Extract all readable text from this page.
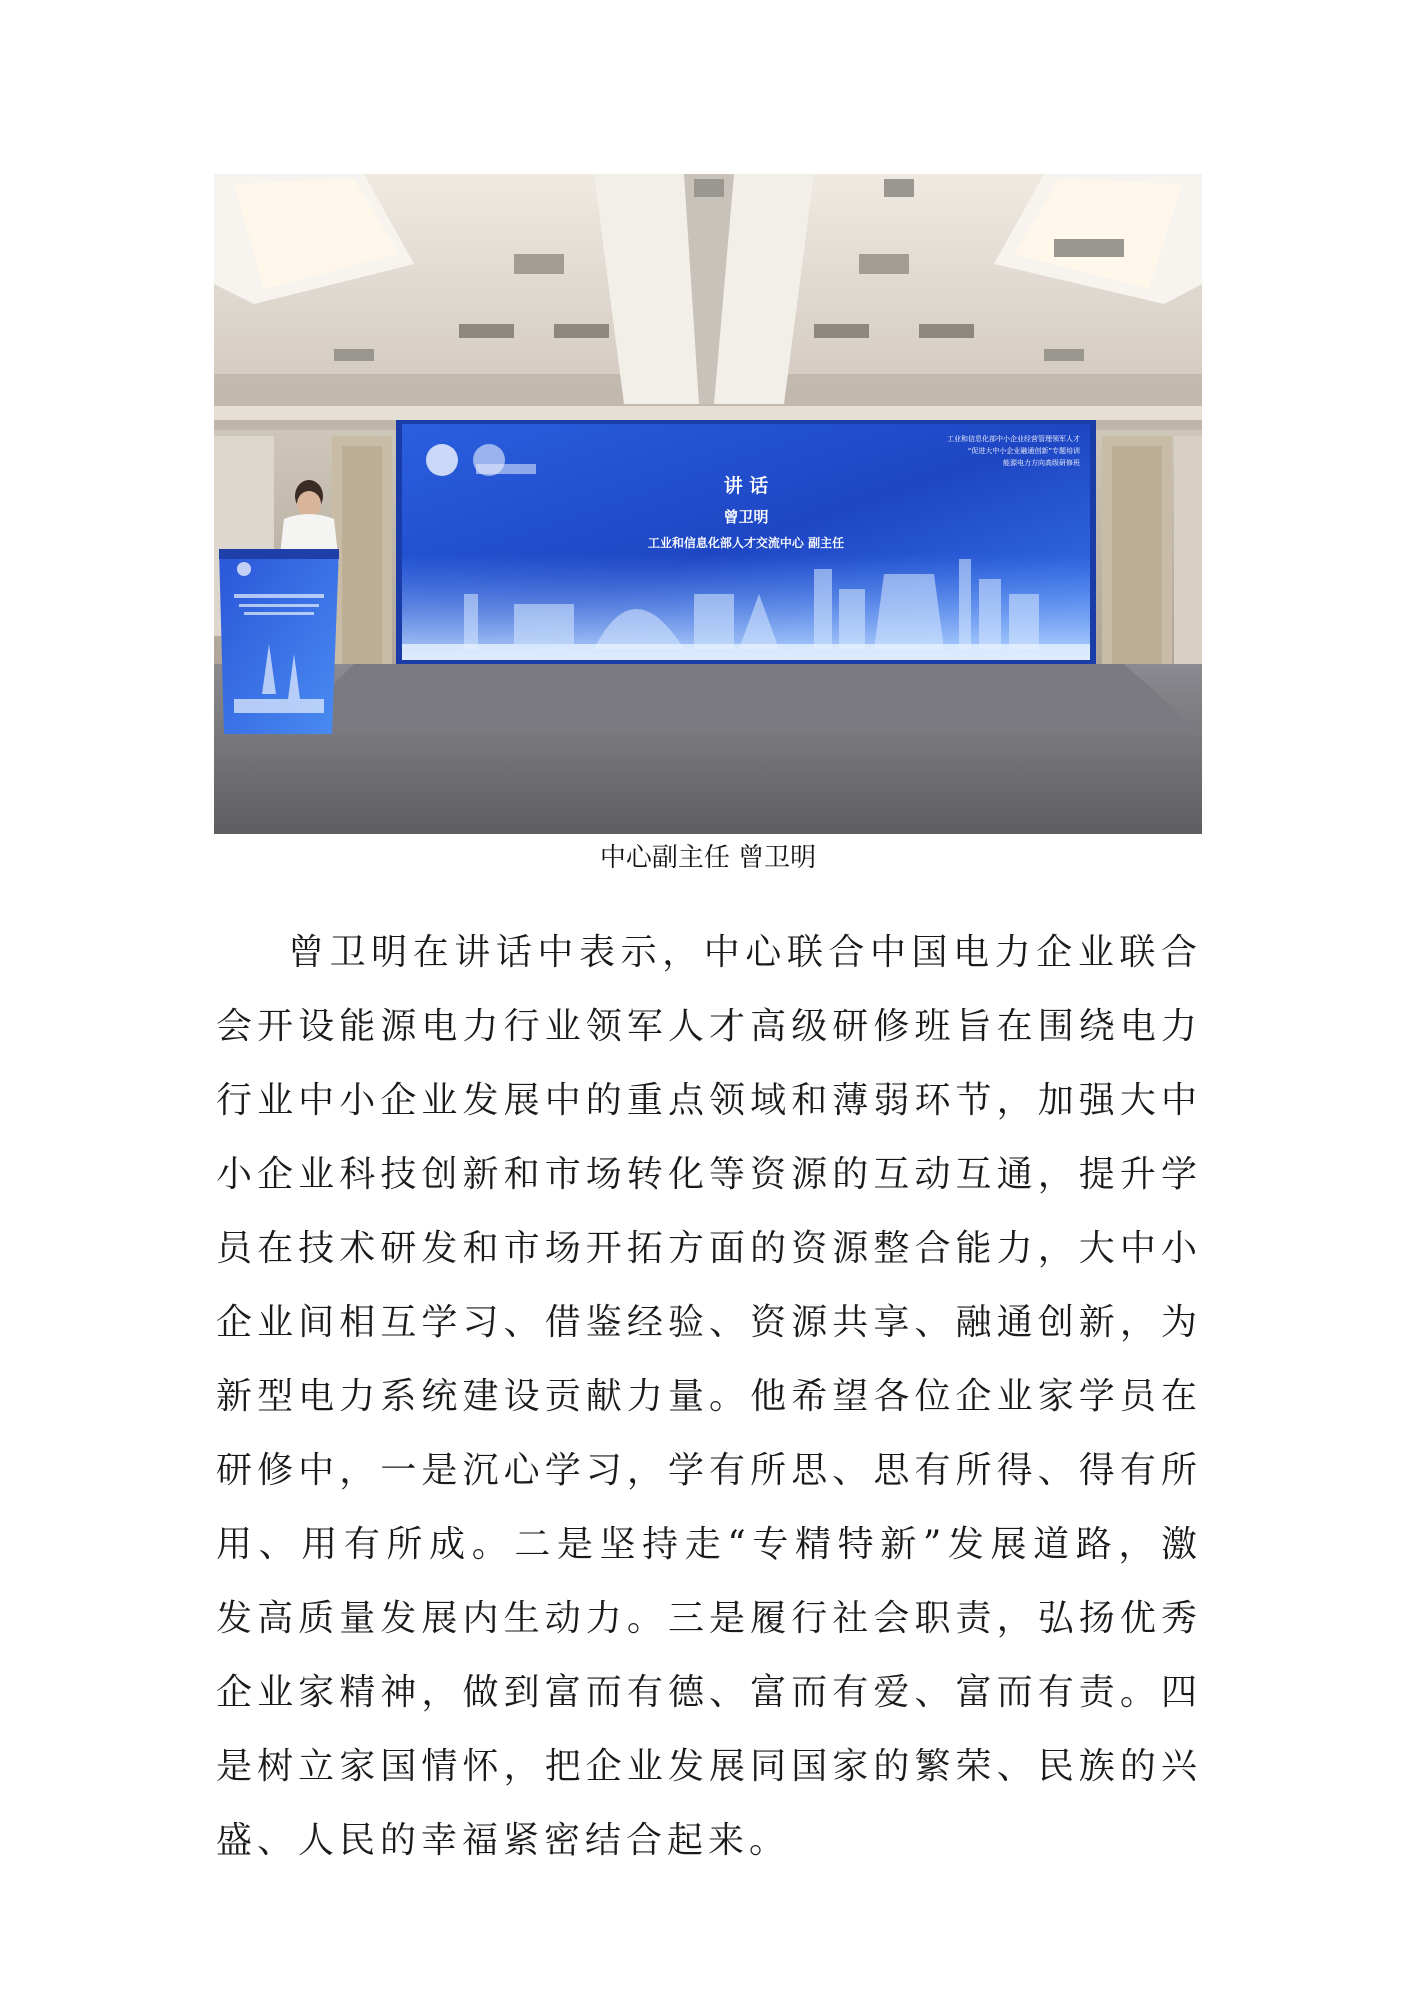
讲 话
曾卫明
工业和信息化部人才交流中心 副主任
工业和信息化部中小企业经营管理领军人才
“促进大中小企业融通创新”专题培训
能源电力方向高级研修班
中心副主任 曾卫明

曾卫明在讲话中表示，中心联合中国电力企业联合会开设能源电力行业领军人才高级研修班旨在围绕电力行业中小企业发展中的重点领域和薄弱环节，加强大中小企业科技创新和市场转化等资源的互动互通，提升学员在技术研发和市场开拓方面的资源整合能力，大中小企业间相互学习、借鉴经验、资源共享、融通创新，为新型电力系统建设贡献力量。他希望各位企业家学员在研修中，一是沉心学习，学有所思、思有所得、得有所用、用有所成。二是坚持走“专精特新”发展道路，激发高质量发展内生动力。三是履行社会职责，弘扬优秀企业家精神，做到富而有德、富而有爱、富而有责。四是树立家国情怀，把企业发展同国家的繁荣、民族的兴盛、人民的幸福紧密结合起来。
